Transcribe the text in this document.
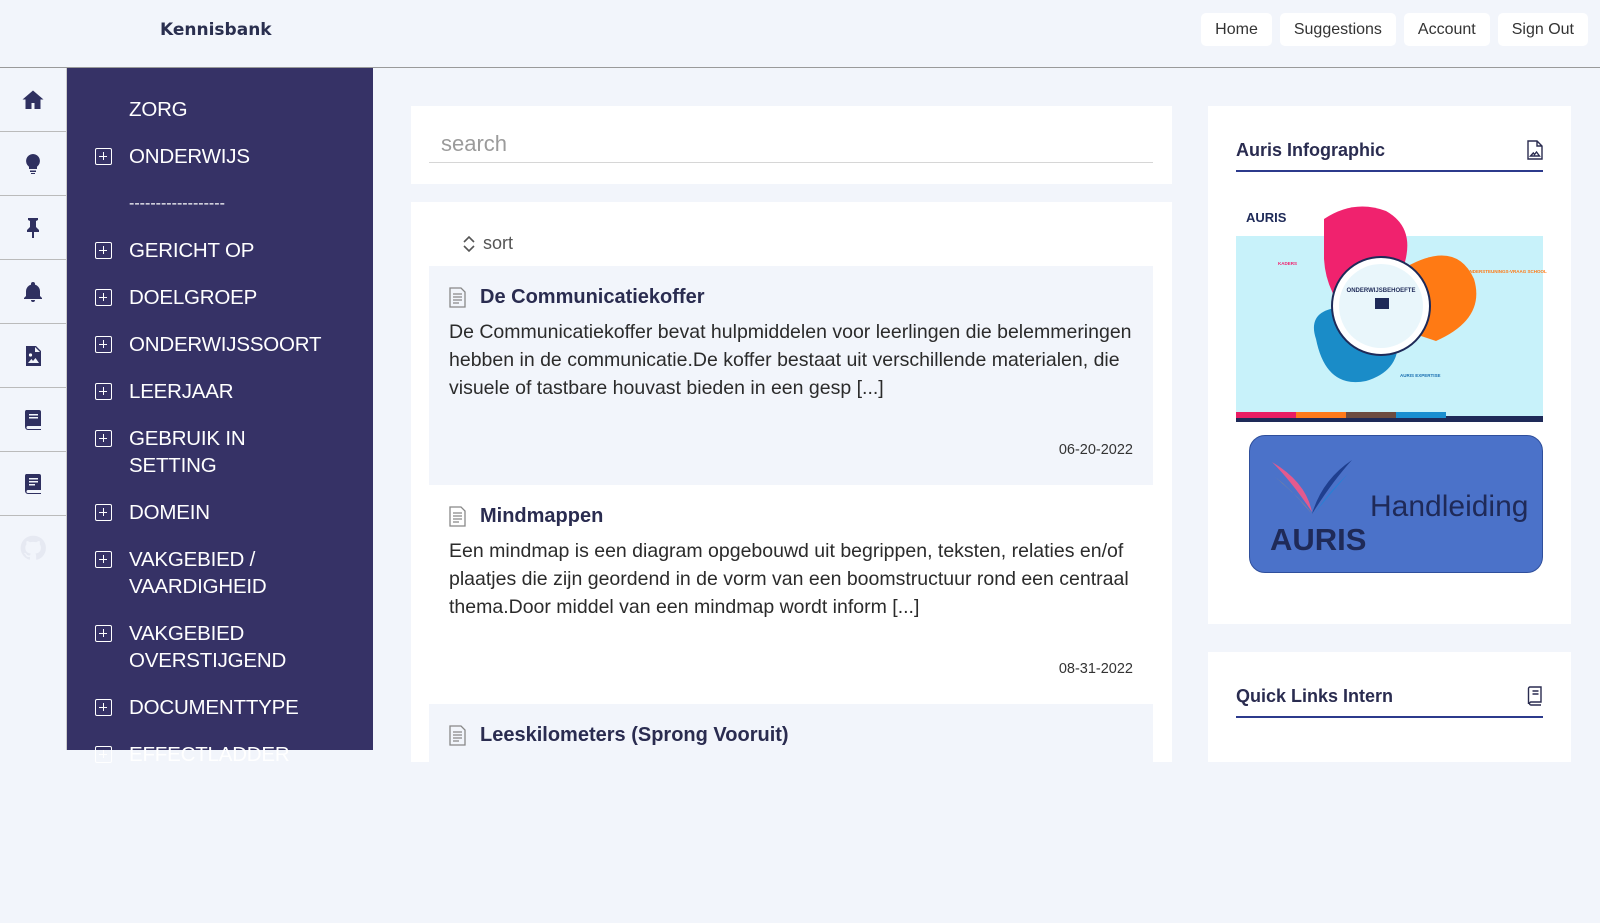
Kennisbank	Home	Suggestions	Account	Sign Out
ZORG
ONDERWIJS
------------------
GERICHT OP
DOELGROEP
ONDERWIJSSOORT
LEERJAAR
GEBRUIK IN
SETTING
DOMEIN
VAKGEBIED /
VAARDIGHEID
VAKGEBIED
OVERSTIJGEND
DOCUMENTTYPE
EFFECTLADDER
search
sort
De Communicatiekoffer
De Communicatiekoffer bevat hulpmiddelen voor leerlingen die belemmeringen hebben in de communicatie.De koffer bestaat uit verschillende materialen, die visuele of tastbare houvast bieden in een gesp [...]
06-20-2022
Mindmappen
Een mindmap is een diagram opgebouwd uit begrippen, teksten, relaties en/of plaatjes die zijn geordend in de vorm van een boomstructuur rond een centraal thema.Door middel van een mindmap wordt inform [...]
08-31-2022
Leeskilometers (Sprong Vooruit)
Auris Infographic
ONDERWIJSBEHOEFTE
AURIS
KADERS
ONDERSTEUNINGS-VRAAG SCHOOL
AURIS EXPERTISE
AURIS
Handleiding
Quick Links Intern
